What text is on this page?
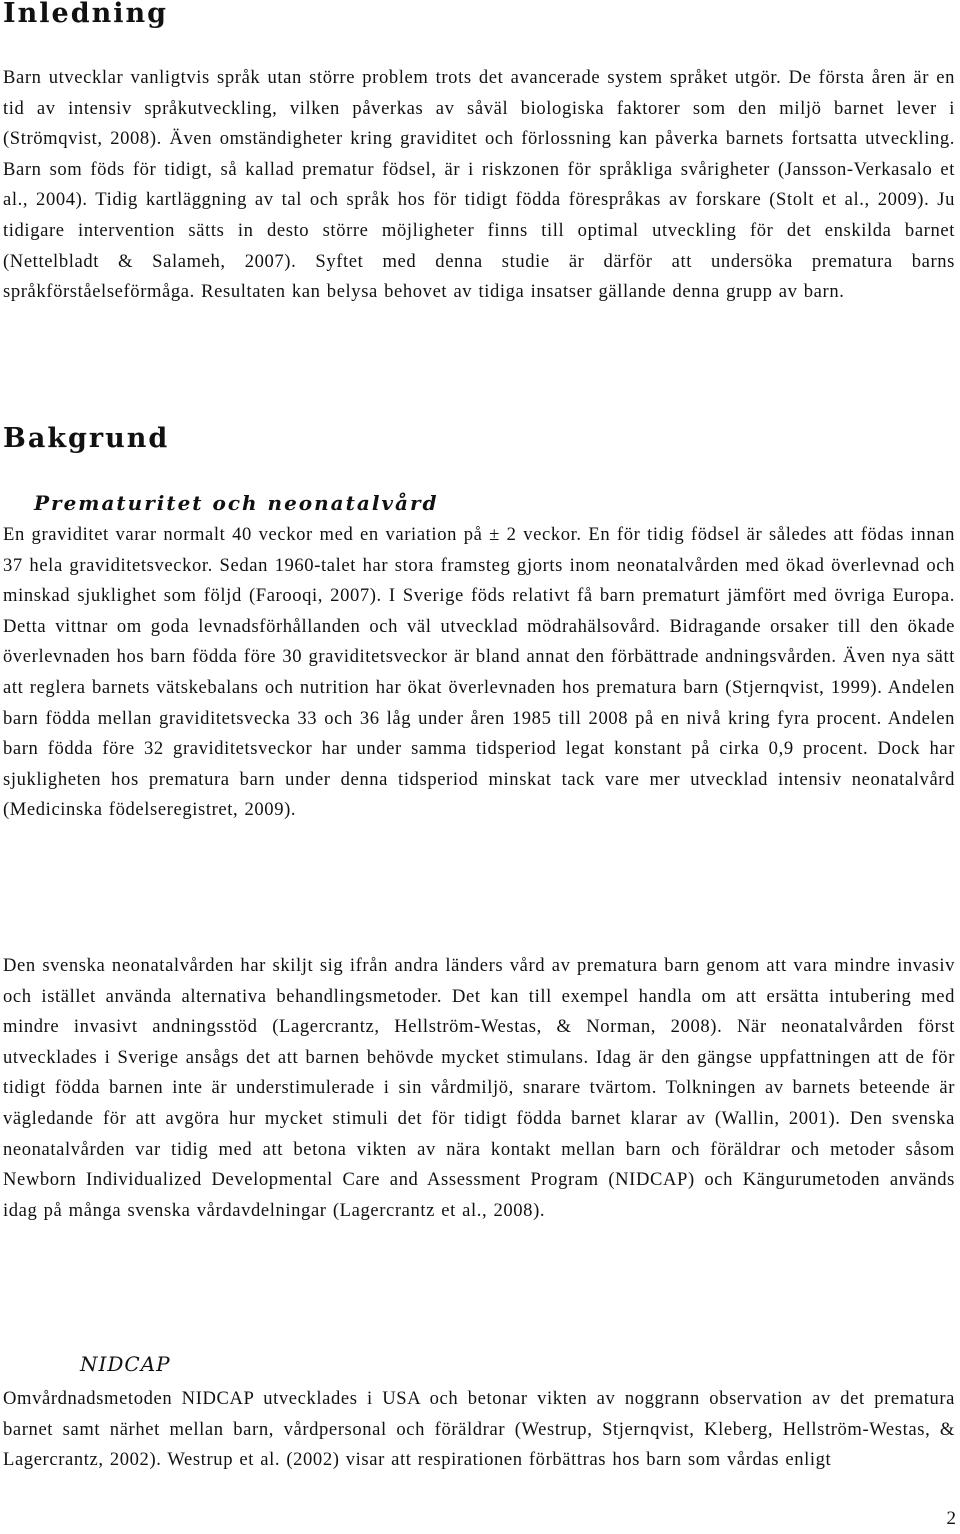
Inledning

Barn utvecklar vanligtvis språk utan större problem trots det avancerade system språket utgör. De första åren är en tid av intensiv språkutveckling, vilken påverkas av såväl biologiska faktorer som den miljö barnet lever i (Strömqvist, 2008). Även omständigheter kring graviditet och förlossning kan påverka barnets fortsatta utveckling. Barn som föds för tidigt, så kallad prematur födsel, är i riskzonen för språkliga svårigheter (Jansson-Verkasalo et al., 2004). Tidig kartläggning av tal och språk hos för tidigt födda förespråkas av forskare (Stolt et al., 2009). Ju tidigare intervention sätts in desto större möjligheter finns till optimal utveckling för det enskilda barnet (Nettelbladt & Salameh, 2007). Syftet med denna studie är därför att undersöka prematura barns språkförståelseförmåga. Resultaten kan belysa behovet av tidiga insatser gällande denna grupp av barn.

Bakgrund
Prematuritet och neonatalvård

En graviditet varar normalt 40 veckor med en variation på ± 2 veckor. En för tidig födsel är således att födas innan 37 hela graviditetsveckor. Sedan 1960-talet har stora framsteg gjorts inom neonatalvården med ökad överlevnad och minskad sjuklighet som följd (Farooqi, 2007). I Sverige föds relativt få barn prematurt jämfört med övriga Europa. Detta vittnar om goda levnadsförhållanden och väl utvecklad mödrahälsovård. Bidragande orsaker till den ökade överlevnaden hos barn födda före 30 graviditetsveckor är bland annat den förbättrade andningsvården. Även nya sätt att reglera barnets vätskebalans och nutrition har ökat överlevnaden hos prematura barn (Stjernqvist, 1999). Andelen barn födda mellan graviditetsvecka 33 och 36 låg under åren 1985 till 2008 på en nivå kring fyra procent. Andelen barn födda före 32 graviditetsveckor har under samma tidsperiod legat konstant på cirka 0,9 procent. Dock har sjukligheten hos prematura barn under denna tidsperiod minskat tack vare mer utvecklad intensiv neonatalvård (Medicinska födelseregistret, 2009).

Den svenska neonatalvården har skiljt sig ifrån andra länders vård av prematura barn genom att vara mindre invasiv och istället använda alternativa behandlingsmetoder. Det kan till exempel handla om att ersätta intubering med mindre invasivt andningsstöd (Lagercrantz, Hellström-Westas, & Norman, 2008). När neonatalvården först utvecklades i Sverige ansågs det att barnen behövde mycket stimulans. Idag är den gängse uppfattningen att de för tidigt födda barnen inte är understimulerade i sin vårdmiljö, snarare tvärtom. Tolkningen av barnets beteende är vägledande för att avgöra hur mycket stimuli det för tidigt födda barnet klarar av (Wallin, 2001). Den svenska neonatalvården var tidig med att betona vikten av nära kontakt mellan barn och föräldrar och metoder såsom Newborn Individualized Developmental Care and Assessment Program (NIDCAP) och Kängurumetoden används idag på många svenska vårdavdelningar (Lagercrantz et al., 2008).

NIDCAP

Omvårdnadsmetoden NIDCAP utvecklades i USA och betonar vikten av noggrann observation av det prematura barnet samt närhet mellan barn, vårdpersonal och föräldrar (Westrup, Stjernqvist, Kleberg, Hellström-Westas, & Lagercrantz, 2002). Westrup et al. (2002) visar att respirationen förbättras hos barn som vårdas enligt

2
